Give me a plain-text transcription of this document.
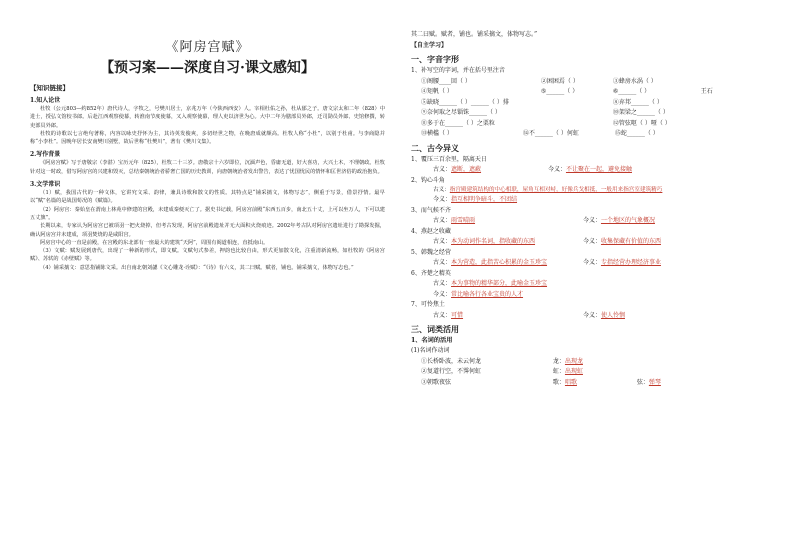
《阿房宫赋》
【预习案——深度自习·课文感知】
【知识链接】
1.知人论世

杜牧（公元803—约852年）唐代诗人，字牧之，号樊川居士，京兆万年（今陕西西安）人。宰相杜佑之孙，杜从郁之子。唐文宗太和二年（828）中进士，授弘文馆校书郎。后赴江西观察使幕，转淮南节度使幕，又入观察使幕，理人吏以济世为心。大中二年为膳部员外郎，迁司勋员外郎、史馆修撰，转吏部员外郎。

杜牧的诗歌以七言绝句著称，内容以咏史抒怀为主，其诗英发俊爽，多切经世之物，在晚唐成就颇高。杜牧人称“小杜”，以别于杜甫。与李商隐并称“小李杜”。因晚年居长安南樊川别墅，故后世称“杜樊川”，著有《樊川文集》。

2.写作背景

《阿房宫赋》写于唐敬宗（李湛）宝历元年（825），杜牧二十三岁。唐敬宗十六岁即位，沉湎声色，昏庸无道，好大喜功，大兴土木，不理朝政。杜牧针对这一时政，借写阿房宫的兴建和毁灭，总结秦朝统治者骄奢亡国的历史教训，向唐朝统治者发出警告，表达了忧国忧民的情怀和匡世济俗的政治抱负。

3.文学常识

（1）赋，我国古代的一种文体，它讲究文采、韵律，兼具诗歌和散文的性质。其特点是“铺采摛文，体物写志”，侧重于写景，借景抒情。最早以“赋”名篇的是战国荀况的《赋篇》。

（2）阿房宫：秦始皇在渭南上林苑中修建的宫殿，未建成秦便灭亡了。据史书记载，阿房宫前殿“东西五百步，南北五十丈，上可以坐万人，下可以建五丈旗”。

长期以来，专家认为阿房宫已被项羽一把火烧掉，但考古发现，阿房宫前殿遗址并无大面积火烧痕迹。2002年考古队对阿房宫遗址进行了勘探发掘，确认阿房宫并未建成，项羽焚烧的是咸阳宫。

阿房宫中心的一直是前殿，在宫殿的东北部有一座最大的建筑“天阿”，周围有阁道相连，直抵南山。

（3）文赋：赋发展到唐代，出现了一种新的形式，即文赋。文赋句式参差，押韵也比较自由，形式更加散文化，注重清新流畅，如杜牧的《阿房宫赋》、苏轼的《赤壁赋》等。

（4）铺采摛文：意思指铺陈文采。出自南北朝刘勰《文心雕龙·诠赋》：“《诗》有六义，其二曰赋。赋者，铺也。铺采摛文，体物写志也。”

其二曰赋。赋者，铺也。铺采摛文，体物写志。”
【自主学习】
一、字音字形
1、补写空的字词，并在括号里注音
①阁腰____回（ ）	②困困焉（ ）	③蜂房水涡（ ）
④矩帆（ ）	⑤______（ ）	⑥______（ ）	王石
⑤缺晓______（ ）______（ ）排	⑧弃邦______（ ）
⑨奈何取之尽锱铢______（ ）	⑩架梁之______（ ）
⑪多于在______（ ）之栗粒	⑫管弦呕（ ）哑（ ）
⑬横槛（ ）	⑭不______（ ）何虹	⑮蛇______（ ）
二、古今异义
1、覆压三百余里，隔离天日
古义：遮断，遮蔽	今义：不让聚在一起，避免接触
2、钩心斗角
古义：指宫殿建筑结构的中心相联，屋角互相对峙，好像兵戈相抵，一般用来指宫室建筑精巧
今义：指互相明争暗斗，不团结
3、而气候不齐
古义：雨雪晴雨	今义：一个地区的气象概况
4、燕赵之收藏
古义：本为动词作名词，指收藏的东西	今义：收集保藏有价值的东西
5、韩魏之经营
古义：本为营造，此指苦心积累的金玉珍宝	今义：专指经营办理经济事业
6、齐楚之精英
古义：本为事物的精华部分，此喻金玉珍宝
今义：常比喻各行各业宝贵的人才
7、可怜焦土
古义：可惜	今义：使人怜悯
三、词类活用
1、名词的活用
(1)名词作动词
①长桥卧波，未云何龙	龙：出现龙
②复道行空，不霁何虹	虹：出现虹
③朝歌夜弦	歌：唱歌	弦：弹琴
